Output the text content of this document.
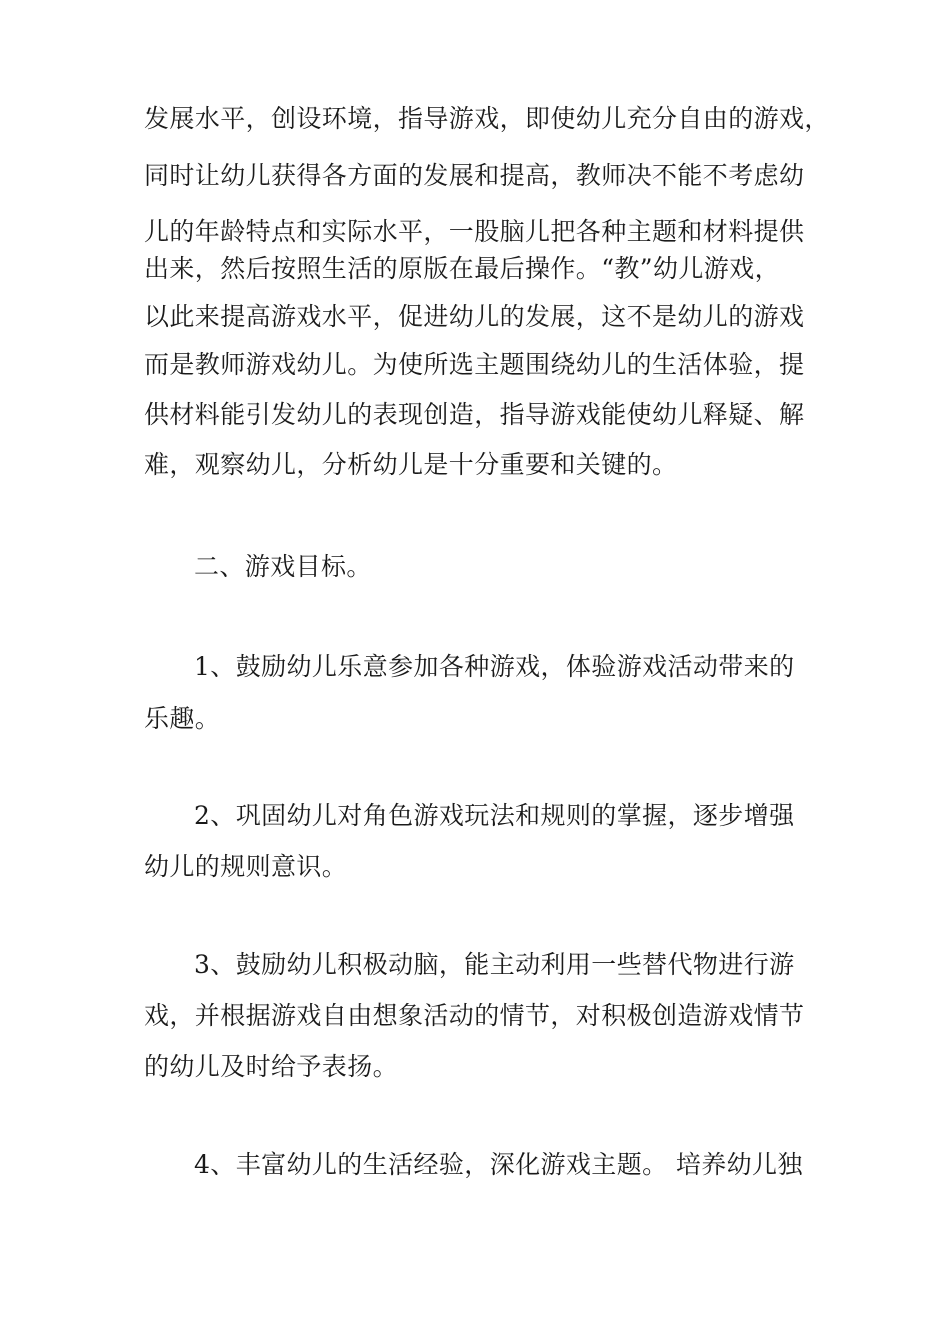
发展水平，创设环境，指导游戏，即使幼儿充分自由的游戏，
同时让幼儿获得各方面的发展和提高，教师决不能不考虑幼
儿的年龄特点和实际水平，一股脑儿把各种主题和材料提供
出来，然后按照生活的原版在最后操作。“教”幼儿游戏，
以此来提高游戏水平，促进幼儿的发展，这不是幼儿的游戏
而是教师游戏幼儿。为使所选主题围绕幼儿的生活体验，提
供材料能引发幼儿的表现创造，指导游戏能使幼儿释疑、解
难，观察幼儿，分析幼儿是十分重要和关键的。
二、游戏目标。
1、鼓励幼儿乐意参加各种游戏，体验游戏活动带来的
乐趣。
2、巩固幼儿对角色游戏玩法和规则的掌握，逐步增强
幼儿的规则意识。
3、鼓励幼儿积极动脑，能主动利用一些替代物进行游
戏，并根据游戏自由想象活动的情节，对积极创造游戏情节
的幼儿及时给予表扬。
4、丰富幼儿的生活经验，深化游戏主题。 培养幼儿独
